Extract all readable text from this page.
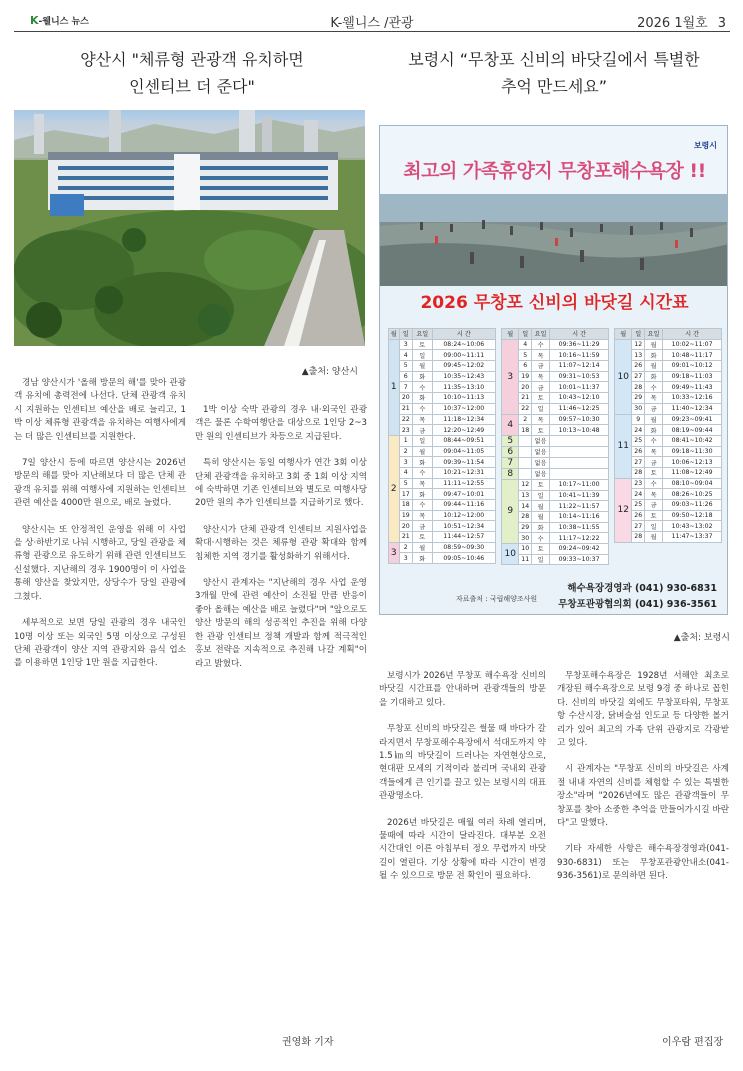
K-웰니스 뉴스	K-웰니스 /관광	2026 1월호 3
양산시 "체류형 관광객 유치하면
인센티브 더 준다"
보령시 “무창포 신비의 바닷길에서 특별한
추억 만드세요”
▲출처: 양산시
보령시
최고의 가족휴양지 무창포해수욕장 !!
2026 무창포 신비의 바닷길 시간표
월	일	요일	시 간
1	3	토	08:24~10:06
	4	일	09:00~11:11
	5	월	09:45~12:02
	6	화	10:35~12:43
	7	수	11:35~13:10
	20	화	10:10~11:13
	21	수	10:37~12:00
	22	목	11:18~12:34
	23	금	12:20~12:49
2	1	일	08:44~09:51
	2	월	09:04~11:05
	3	화	09:39~11:54
	4	수	10:21~12:31
	5	목	11:11~12:55
	17	화	09:47~10:01
	18	수	09:44~11:16
	19	목	10:12~12:00
	20	금	10:51~12:34
	21	토	11:44~12:57
3	2	월	08:59~09:30
	3	화	09:05~10:46
월	일	요일	시 간
3	4	수	09:36~11:29
	5	목	10:16~11:59
	6	금	11:07~12:14
	19	목	09:31~10:53
	20	금	10:01~11:37
	21	토	10:43~12:10
	22	일	11:46~12:25
4	2	목	09:57~10:30
	18	토	10:13~10:48
5		없음	
6		없음	
7		없음	
8		없음	
9	12	토	10:17~11:00
	13	일	10:41~11:39
	14	월	11:22~11:57
	28	월	10:14~11:16
	29	화	10:38~11:55
	30	수	11:17~12:22
10	10	토	09:24~09:42
	11	일	09:33~10:37
월	일	요일	시 간
10	12	월	10:02~11:07
	13	화	10:48~11:17
	26	월	09:01~10:12
	27	화	09:18~11:03
	28	수	09:49~11:43
	29	목	10:33~12:16
	30	금	11:40~12:34
11	9	월	09:23~09:41
	24	화	08:19~09:44
	25	수	08:41~10:42
	26	목	09:18~11:30
	27	금	10:06~12:13
	28	토	11:08~12:49
12	23	수	08:10~09:04
	24	목	08:26~10:25
	25	금	09:03~11:26
	26	토	09:50~12:18
	27	일	10:43~13:02
	28	월	11:47~13:37
자료출처 : 국립해양조사원
해수욕장경영과 (041) 930-6831
무창포관광협의회 (041) 936-3561
▲출처: 보령시

경남 양산시가 '올해 방문의 해'를 맞아 관광객 유치에 총력전에 나선다. 단체 관광객 유치 시 지원하는 인센티브 예산을 배로 늘리고, 1박 이상 체류형 관광객을 유치하는 여행사에게는 더 많은 인센티브를 지원한다.

7일 양산시 등에 따르면 양산시는 2026년 방문의 해를 맞아 지난해보다 더 많은 단체 관광객 유치를 위해 여행사에 지원하는 인센티브 관련 예산을 4000만 원으로, 배로 늘렸다.

양산시는 또 안정적인 운영을 위해 이 사업을 상·하반기로 나눠 시행하고, 당일 관광을 체류형 관광으로 유도하기 위해 관련 인센티브도 신설했다. 지난해의 경우 1900명이 이 사업을 통해 양산을 찾았지만, 상당수가 당일 관광에 그쳤다.

세부적으로 보면 당일 관광의 경우 내국인 10명 이상 또는 외국인 5명 이상으로 구성된 단체 관광객이 양산 지역 관광지와 음식 업소를 이용하면 1인당 1만 원을 지급한다.

1박 이상 숙박 관광의 경우 내·외국인 관광객은 물론 수학여행단을 대상으로 1인당 2~3만 원의 인센티브가 차등으로 지급된다.

특히 양산시는 동일 여행사가 연간 3회 이상 단체 관광객을 유치하고 3회 중 1회 이상 지역에 숙박하면 기존 인센티브와 별도로 여행사당 20만 원의 추가 인센티브를 지급하기로 했다.

양산시가 단체 관광객 인센티브 지원사업을 확대·시행하는 것은 체류형 관광 확대와 함께 침체한 지역 경기를 활성화하기 위해서다.

양산시 관계자는 "지난해의 경우 사업 운영 3개월 만에 관련 예산이 소진될 만큼 반응이 좋아 올해는 예산을 배로 늘렸다"며 "앞으로도 양산 방문의 해의 성공적인 추진을 위해 다양한 관광 인센티브 정책 개발과 함께 적극적인 홍보 전략을 지속적으로 추진해 나갈 계획"이라고 밝혔다.

보령시가 2026년 무창포 해수욕장 신비의 바닷길 시간표를 안내하며 관광객들의 방문을 기대하고 있다.

무창포 신비의 바닷길은 썰물 때 바다가 갈라지면서 무창포해수욕장에서 석대도까지 약 1.5㎞의 바닷길이 드러나는 자연현상으로, 현대판 모세의 기적이라 불리며 국내외 관광객들에게 큰 인기를 끌고 있는 보령시의 대표 관광명소다.

2026년 바닷길은 매월 여러 차례 열리며, 물때에 따라 시간이 달라진다. 대부분 오전 시간대인 이른 아침부터 정오 무렵까지 바닷길이 열린다. 기상 상황에 따라 시간이 변경될 수 있으므로 방문 전 확인이 필요하다.

무창포해수욕장은 1928년 서해안 최초로 개장된 해수욕장으로 보령 9경 중 하나로 꼽힌다. 신비의 바닷길 외에도 무창포타워, 무창포항 수산시장, 닭벼슬섬 인도교 등 다양한 볼거리가 있어 최고의 가족 단위 관광지로 각광받고 있다.

시 관계자는 "무창포 신비의 바닷길은 사계절 내내 자연의 신비를 체험할 수 있는 특별한 장소"라며 "2026년에도 많은 관광객들이 무창포를 찾아 소중한 추억을 만들어가시길 바란다"고 말했다.

기타 자세한 사항은 해수욕장경영과(041-930-6831) 또는 무창포관광안내소(041-936-3561)로 문의하면 된다.

권영화 기자	이우람 편집장
